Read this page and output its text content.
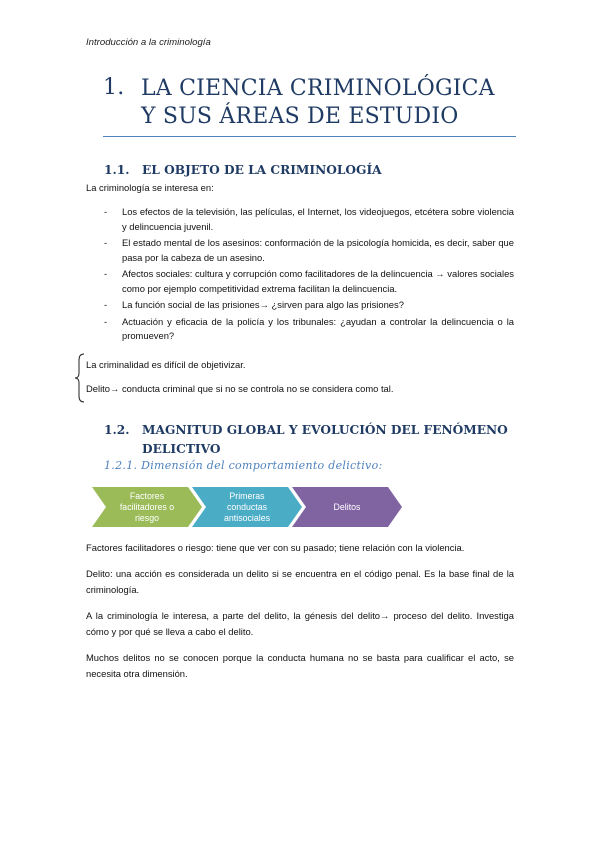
Introducción a la criminología
1. LA CIENCIA CRIMINOLÓGICA Y SUS ÁREAS DE ESTUDIO
1.1. EL OBJETO DE LA CRIMINOLOGÍA
La criminología se interesa en:
- Los efectos de la televisión, las películas, el Internet, los videojuegos, etcétera sobre violencia y delincuencia juvenil.
- El estado mental de los asesinos: conformación de la psicología homicida, es decir, saber que pasa por la cabeza de un asesino.
- Afectos sociales: cultura y corrupción como facilitadores de la delincuencia → valores sociales como por ejemplo competitividad extrema facilitan la delincuencia.
- La función social de las prisiones→ ¿sirven para algo las prisiones?
- Actuación y eficacia de la policía y los tribunales: ¿ayudan a controlar la delincuencia o la promueven?
La criminalidad es difícil de objetivizar.
Delito→ conducta criminal que si no se controla no se considera como tal.
1.2. MAGNITUD GLOBAL Y EVOLUCIÓN DEL FENÓMENO
DELICTIVO
1.2.1. Dimensión del comportamiento delictivo:
Factores
facilitadores o
riesgo
Primeras
conductas
antisociales
Delitos
Factores facilitadores o riesgo: tiene que ver con su pasado; tiene relación con la violencia.
Delito: una acción es considerada un delito si se encuentra en el código penal. Es la base final de la criminología.
A la criminología le interesa, a parte del delito, la génesis del delito→ proceso del delito. Investiga cómo y por qué se lleva a cabo el delito.
Muchos delitos no se conocen porque la conducta humana no se basta para cualificar el acto, se necesita otra dimensión.
